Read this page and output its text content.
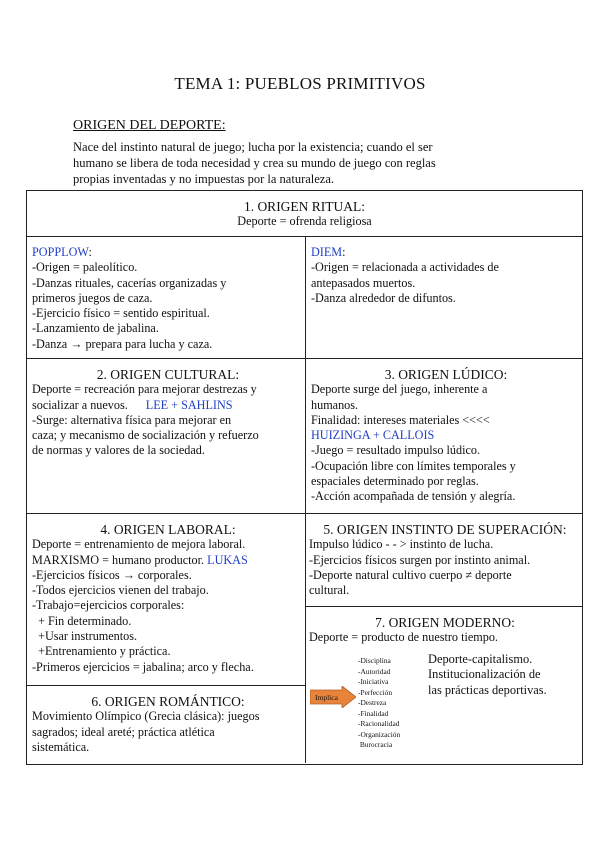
TEMA 1: PUEBLOS PRIMITIVOS
ORIGEN DEL DEPORTE:
Nace del instinto natural de juego; lucha por la existencia; cuando el ser
humano se libera de toda necesidad y crea su mundo de juego con reglas
propias inventadas y no impuestas por la naturaleza.
1. ORIGEN RITUAL:
Deporte = ofrenda religiosa
POPPLOW:
-Origen = paleolítico.
-Danzas rituales, cacerías organizadas y
primeros juegos de caza.
-Ejercicio físico = sentido espiritual.
-Lanzamiento de jabalina.
-Danza → prepara para lucha y caza.
DIEM:
-Origen = relacionada a actividades de
antepasados muertos.
-Danza alrededor de difuntos.
2. ORIGEN CULTURAL:
Deporte = recreación para mejorar destrezas y
socializar a nuevos. LEE + SAHLINS
-Surge: alternativa física para mejorar en
caza; y mecanismo de socialización y refuerzo
de normas y valores de la sociedad.
3. ORIGEN LÚDICO:
Deporte surge del juego, inherente a
humanos.
Finalidad: intereses materiales <<<<
HUIZINGA + CALLOIS
-Juego = resultado impulso lúdico.
-Ocupación libre con límites temporales y
espaciales determinado por reglas.
-Acción acompañada de tensión y alegría.
4. ORIGEN LABORAL:
Deporte = entrenamiento de mejora laboral.
MARXISMO = humano productor. LUKAS
-Ejercicios físicos → corporales.
-Todos ejercicios vienen del trabajo.
-Trabajo=ejercicios corporales:
+ Fin determinado.
+Usar instrumentos.
+Entrenamiento y práctica.
-Primeros ejercicios = jabalina; arco y flecha.
5. ORIGEN INSTINTO DE SUPERACIÓN:
Impulso lúdico - - > instinto de lucha.
-Ejercicios físicos surgen por instinto animal.
-Deporte natural cultivo cuerpo ≠ deporte
cultural.
7. ORIGEN MODERNO:
Deporte = producto de nuestro tiempo.
Implica
-Disciplina
-Autoridad
-Iniciativa
-Perfección
-Destreza
-Finalidad
-Racionalidad
-Organización
Burocracia
Deporte-capitalismo.
Institucionalización de
las prácticas deportivas.
6. ORIGEN ROMÁNTICO:
Movimiento Olímpico (Grecia clásica): juegos
sagrados; ideal areté; práctica atlética
sistemática.
